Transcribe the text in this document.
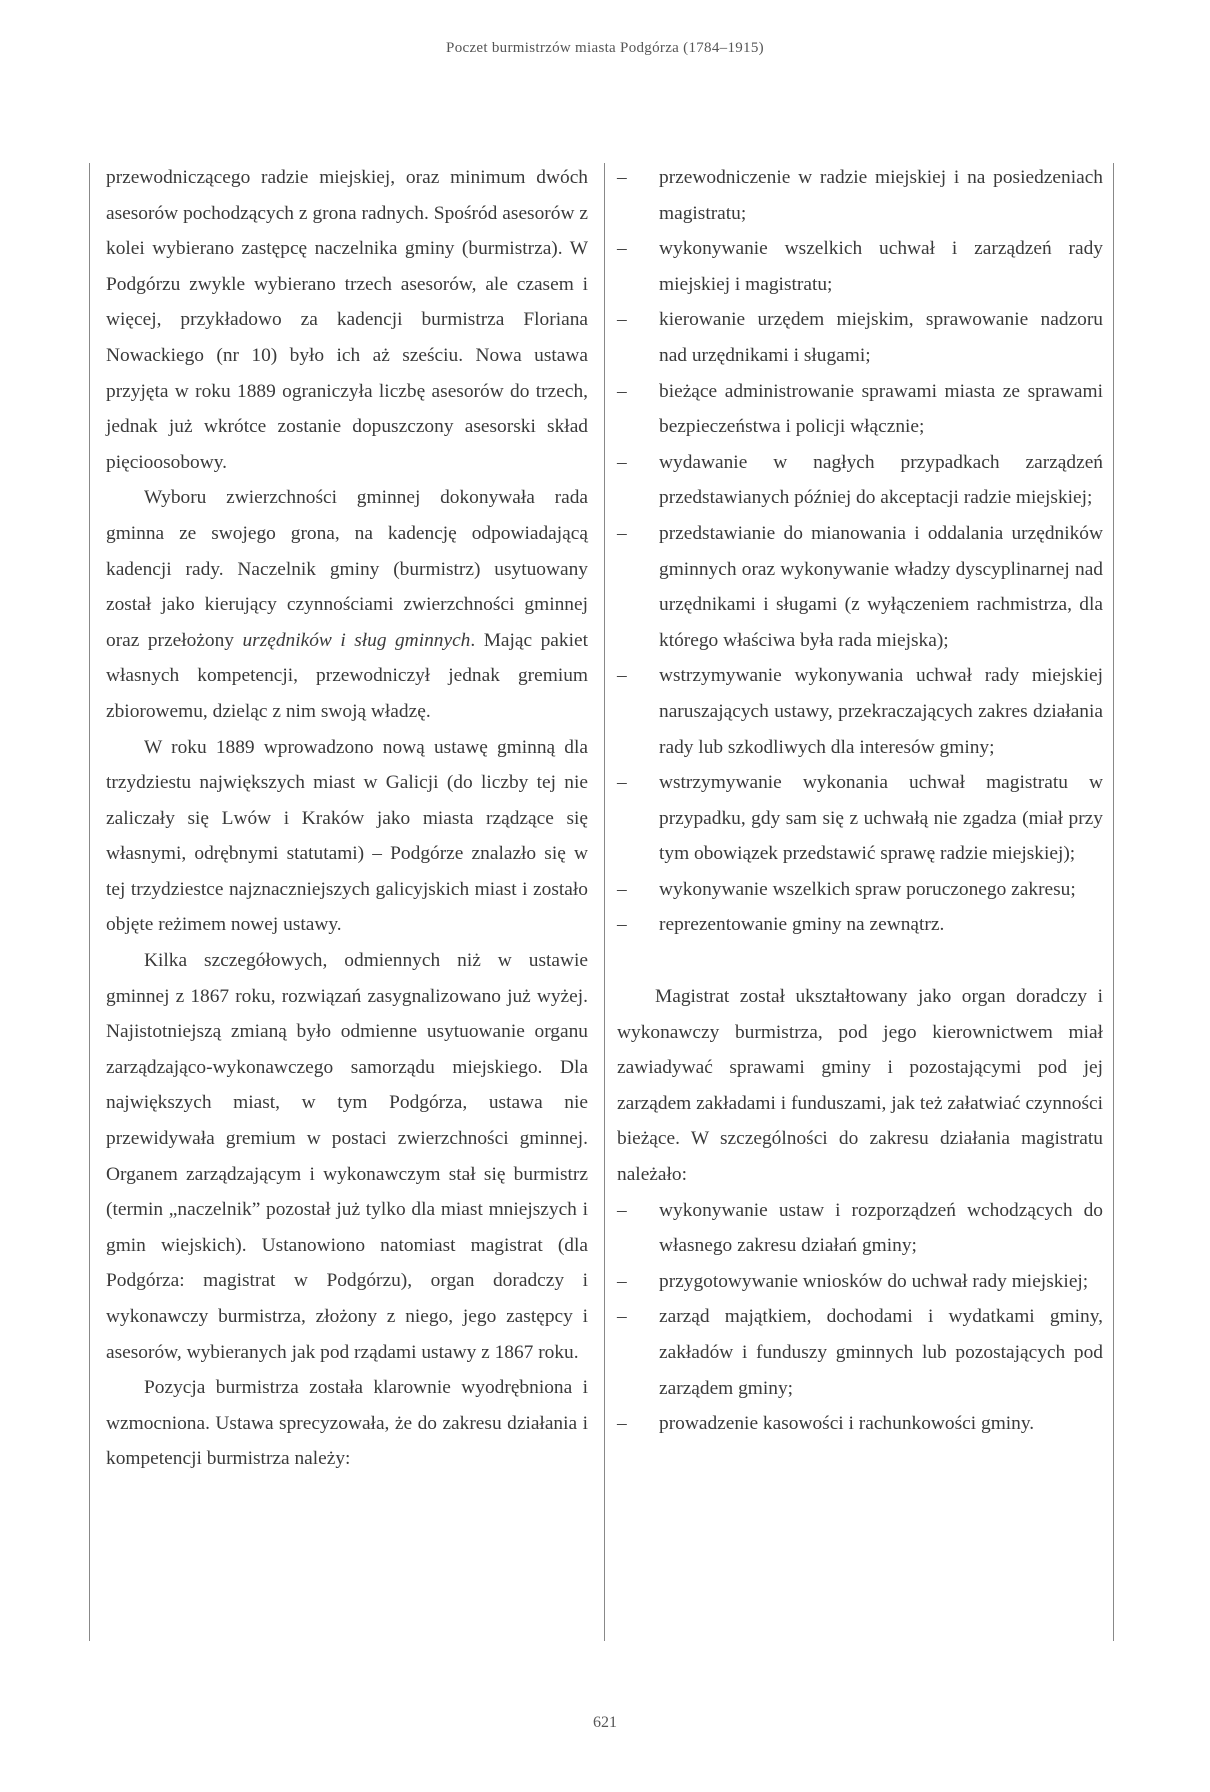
Poczet burmistrzów miasta Podgórza (1784–1915)

przewodniczącego radzie miejskiej, oraz minimum dwóch asesorów pochodzących z grona radnych. Spośród asesorów z kolei wybierano zastępcę naczelnika gminy (burmistrza). W Podgórzu zwykle wybierano trzech asesorów, ale czasem i więcej, przykładowo za kadencji burmistrza Floriana Nowackiego (nr 10) było ich aż sześciu. Nowa ustawa przyjęta w roku 1889 ograniczyła liczbę asesorów do trzech, jednak już wkrótce zostanie dopuszczony asesorski skład pięcioosobowy.

Wyboru zwierzchności gminnej dokonywała rada gminna ze swojego grona, na kadencję odpowiadającą kadencji rady. Naczelnik gminy (burmistrz) usytuowany został jako kierujący czynnościami zwierzchności gminnej oraz przełożony urzędników i sług gminnych. Mając pakiet własnych kompetencji, przewodniczył jednak gremium zbiorowemu, dzieląc z nim swoją władzę.

W roku 1889 wprowadzono nową ustawę gminną dla trzydziestu największych miast w Galicji (do liczby tej nie zaliczały się Lwów i Kraków jako miasta rządzące się własnymi, odrębnymi statutami) – Podgórze znalazło się w tej trzydziestce najznaczniejszych galicyjskich miast i zostało objęte reżimem nowej ustawy.

Kilka szczegółowych, odmiennych niż w ustawie gminnej z 1867 roku, rozwiązań zasygnalizowano już wyżej. Najistotniejszą zmianą było odmienne usytuowanie organu zarządzająco-wykonawczego samorządu miejskiego. Dla największych miast, w tym Podgórza, ustawa nie przewidywała gremium w postaci zwierzchności gminnej. Organem zarządzającym i wykonawczym stał się burmistrz (termin „naczelnik” pozostał już tylko dla miast mniejszych i gmin wiejskich). Ustanowiono natomiast magistrat (dla Podgórza: magistrat w Podgórzu), organ doradczy i wykonawczy burmistrza, złożony z niego, jego zastępcy i asesorów, wybieranych jak pod rządami ustawy z 1867 roku.

Pozycja burmistrza została klarownie wyodrębniona i wzmocniona. Ustawa sprecyzowała, że do zakresu działania i kompetencji burmistrza należy:

– przewodniczenie w radzie miejskiej i na posiedzeniach magistratu;
– wykonywanie wszelkich uchwał i zarządzeń rady miejskiej i magistratu;
– kierowanie urzędem miejskim, sprawowanie nadzoru nad urzędnikami i sługami;
– bieżące administrowanie sprawami miasta ze sprawami bezpieczeństwa i policji włącznie;
– wydawanie w nagłych przypadkach zarządzeń przedstawianych później do akceptacji radzie miejskiej;
– przedstawianie do mianowania i oddalania urzędników gminnych oraz wykonywanie władzy dyscyplinarnej nad urzędnikami i sługami (z wyłączeniem rachmistrza, dla którego właściwa była rada miejska);
– wstrzymywanie wykonywania uchwał rady miejskiej naruszających ustawy, przekraczających zakres działania rady lub szkodliwych dla interesów gminy;
– wstrzymywanie wykonania uchwał magistratu w przypadku, gdy sam się z uchwałą nie zgadza (miał przy tym obowiązek przedstawić sprawę radzie miejskiej);
– wykonywanie wszelkich spraw poruczonego zakresu;
– reprezentowanie gminy na zewnątrz.

Magistrat został ukształtowany jako organ doradczy i wykonawczy burmistrza, pod jego kierownictwem miał zawiadywać sprawami gminy i pozostającymi pod jej zarządem zakładami i funduszami, jak też załatwiać czynności bieżące. W szczególności do zakresu działania magistratu należało:

– wykonywanie ustaw i rozporządzeń wchodzących do własnego zakresu działań gminy;
– przygotowywanie wniosków do uchwał rady miejskiej;
– zarząd majątkiem, dochodami i wydatkami gminy, zakładów i funduszy gminnych lub pozostających pod zarządem gminy;
– prowadzenie kasowości i rachunkowości gminy.
621
